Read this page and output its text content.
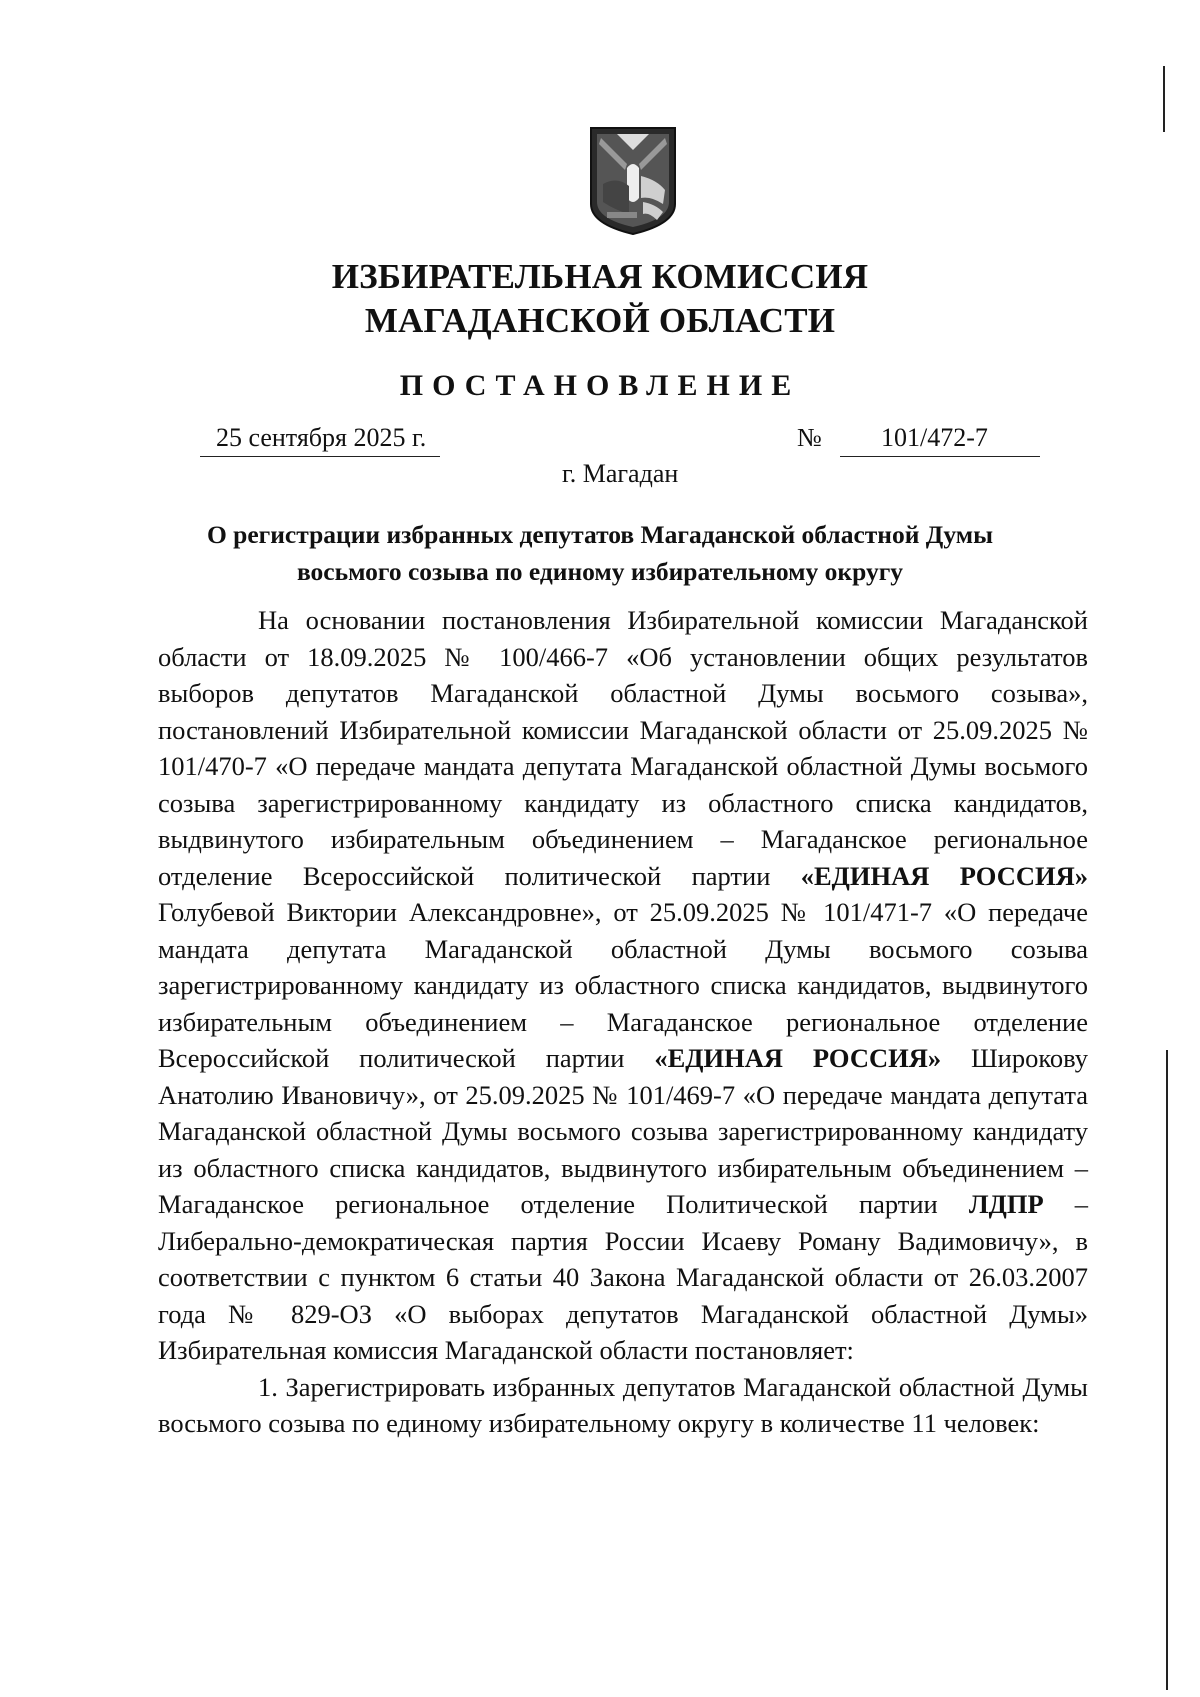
ИЗБИРАТЕЛЬНАЯ КОМИССИЯ
МАГАДАНСКОЙ ОБЛАСТИ
ПОСТАНОВЛЕНИЕ
25 сентября 2025 г.	№ 101/472-7
г. Магадан
О регистрации избранных депутатов Магаданской областной Думы
восьмого созыва по единому избирательному округу

На основании постановления Избирательной комиссии Магаданской области от 18.09.2025 № 100/466-7 «Об установлении общих результатов выборов депутатов Магаданской областной Думы восьмого созыва», постановлений Избирательной комиссии Магаданской области от 25.09.2025 № 101/470-7 «О передаче мандата депутата Магаданской областной Думы восьмого созыва зарегистрированному кандидату из областного списка кандидатов, выдвинутого избирательным объединением – Магаданское региональное отделение Всероссийской политической партии «ЕДИНАЯ РОССИЯ» Голубевой Виктории Александровне», от 25.09.2025 № 101/471-7 «О передаче мандата депутата Магаданской областной Думы восьмого созыва зарегистрированному кандидату из областного списка кандидатов, выдвинутого избирательным объединением – Магаданское региональное отделение Всероссийской политической партии «ЕДИНАЯ РОССИЯ» Широкову Анатолию Ивановичу», от 25.09.2025 № 101/469-7 «О передаче мандата депутата Магаданской областной Думы восьмого созыва зарегистрированному кандидату из областного списка кандидатов, выдвинутого избирательным объединением – Магаданское региональное отделение Политической партии ЛДПР – Либерально-демократическая партия России Исаеву Роману Вадимовичу», в соответствии с пунктом 6 статьи 40 Закона Магаданской области от 26.03.2007 года № 829-ОЗ «О выборах депутатов Магаданской областной Думы» Избирательная комиссия Магаданской области постановляет:

1. Зарегистрировать избранных депутатов Магаданской областной Думы восьмого созыва по единому избирательному округу в количестве 11 человек:
